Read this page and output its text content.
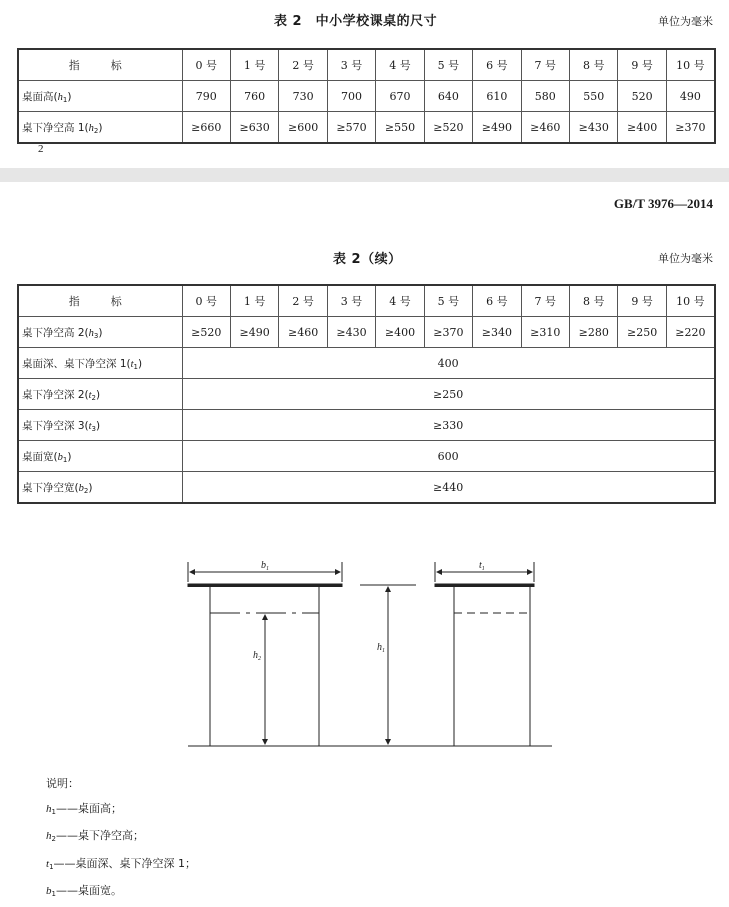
表 2　中小学校课桌的尺寸	单位为毫米
指　标	0 号	1 号	2 号	3 号	4 号	5 号	6 号	7 号	8 号	9 号	10 号
桌面高$(h_1)$	790	760	730	700	670	640	610	580	550	520	490
桌下净空高 $1(h_2)$	≥660	≥630	≥600	≥570	≥550	≥520	≥490	≥460	≥430	≥400	≥370
2
GB/T 3976—2014
表 2（续）	单位为毫米
指　标	0 号	1 号	2 号	3 号	4 号	5 号	6 号	7 号	8 号	9 号	10 号
桌下净空高 $2(h_3)$	≥520	≥490	≥460	≥430	≥400	≥370	≥340	≥310	≥280	≥250	≥220
桌面深、桌下净空深 $1(t_1)$	400										
桌下净空深 $2(t_2)$	≥250										
桌下净空深 $3(t_3)$	≥330										
桌面宽$(b_1)$	600										
桌下净空宽$(b_2)$	≥440										
$b_1$	$t_1$
$h_1$
$h_2$
说明：
$h_1——$桌面高；
$h_2——$桌下净空高；
$t_1——$桌面深、桌下净空深 1；
$b_1——$桌面宽。
